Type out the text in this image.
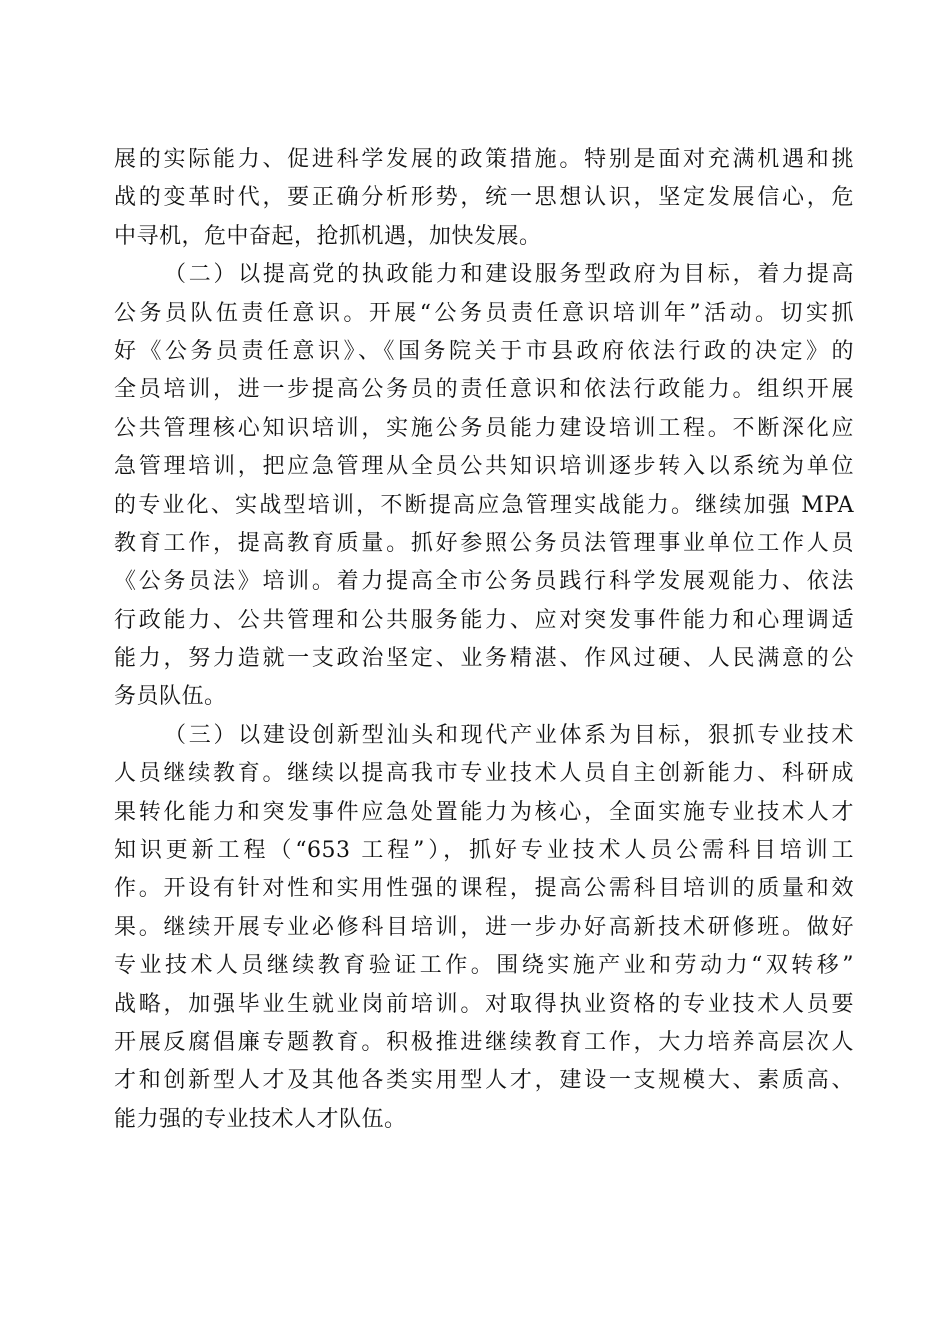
展的实际能力、促进科学发展的政策措施。特别是面对充满机遇和挑
战的变革时代，要正确分析形势，统一思想认识，坚定发展信心，危
中寻机，危中奋起，抢抓机遇，加快发展。
（二）以提高党的执政能力和建设服务型政府为目标，着力提高
公务员队伍责任意识。开展“公务员责任意识培训年”活动。切实抓
好《公务员责任意识》、《国务院关于市县政府依法行政的决定》的
全员培训，进一步提高公务员的责任意识和依法行政能力。组织开展
公共管理核心知识培训，实施公务员能力建设培训工程。不断深化应
急管理培训，把应急管理从全员公共知识培训逐步转入以系统为单位
的专业化、实战型培训，不断提高应急管理实战能力。继续加强 MPA
教育工作，提高教育质量。抓好参照公务员法管理事业单位工作人员
《公务员法》培训。着力提高全市公务员践行科学发展观能力、依法
行政能力、公共管理和公共服务能力、应对突发事件能力和心理调适
能力，努力造就一支政治坚定、业务精湛、作风过硬、人民满意的公
务员队伍。
（三）以建设创新型汕头和现代产业体系为目标，狠抓专业技术
人员继续教育。继续以提高我市专业技术人员自主创新能力、科研成
果转化能力和突发事件应急处置能力为核心，全面实施专业技术人才
知识更新工程（“653 工程”），抓好专业技术人员公需科目培训工
作。开设有针对性和实用性强的课程，提高公需科目培训的质量和效
果。继续开展专业必修科目培训，进一步办好高新技术研修班。做好
专业技术人员继续教育验证工作。围绕实施产业和劳动力“双转移”
战略，加强毕业生就业岗前培训。对取得执业资格的专业技术人员要
开展反腐倡廉专题教育。积极推进继续教育工作，大力培养高层次人
才和创新型人才及其他各类实用型人才，建设一支规模大、素质高、
能力强的专业技术人才队伍。
